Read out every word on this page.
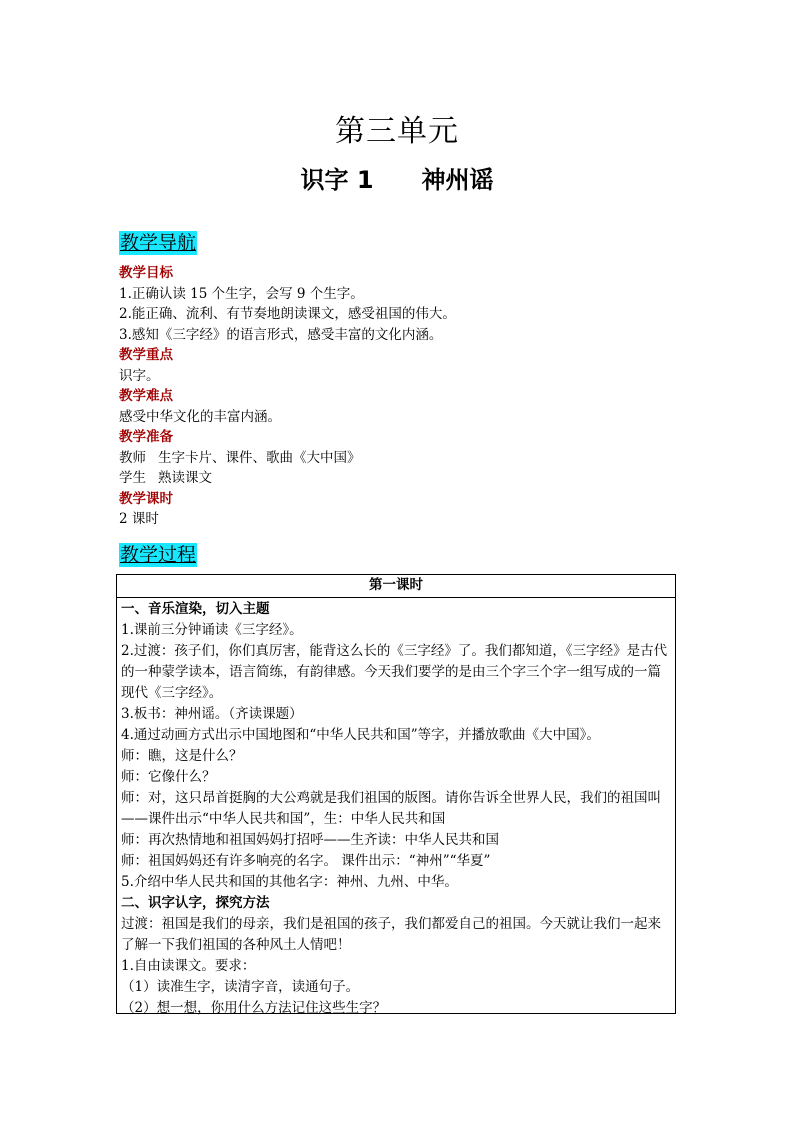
第三单元
识字 1 神州谣
教学导航
教学目标
1.正确认读 15 个生字，会写 9 个生字。
2.能正确、流利、有节奏地朗读课文，感受祖国的伟大。
3.感知《三字经》的语言形式，感受丰富的文化内涵。
教学重点
识字。
教学难点
感受中华文化的丰富内涵。
教学准备
教师 生字卡片、课件、歌曲《大中国》
学生 熟读课文
教学课时
2 课时
教学过程
第一课时
一、音乐渲染，切入主题
1.课前三分钟诵读《三字经》。
2.过渡：孩子们，你们真厉害，能背这么长的《三字经》了。我们都知道，《三字经》是古代的一种蒙学读本，语言简练，有韵律感。今天我们要学的是由三个字三个字一组写成的一篇现代《三字经》。
3.板书：神州谣。（齐读课题）
4.通过动画方式出示中国地图和“中华人民共和国”等字，并播放歌曲《大中国》。
师：瞧，这是什么？
师：它像什么？
师：对，这只昂首挺胸的大公鸡就是我们祖国的版图。请你告诉全世界人民，我们的祖国叫——课件出示“中华人民共和国”，生：中华人民共和国
师：再次热情地和祖国妈妈打招呼——生齐读：中华人民共和国
师：祖国妈妈还有许多响亮的名字。 课件出示：“神州”“华夏”
5.介绍中华人民共和国的其他名字：神州、九州、中华。
二、识字认字，探究方法
过渡：祖国是我们的母亲，我们是祖国的孩子，我们都爱自己的祖国。今天就让我们一起来了解一下我们祖国的各种风土人情吧！
1.自由读课文。要求：
（1）读准生字，读清字音，读通句子。
（2）想一想，你用什么方法记住这些生字？
